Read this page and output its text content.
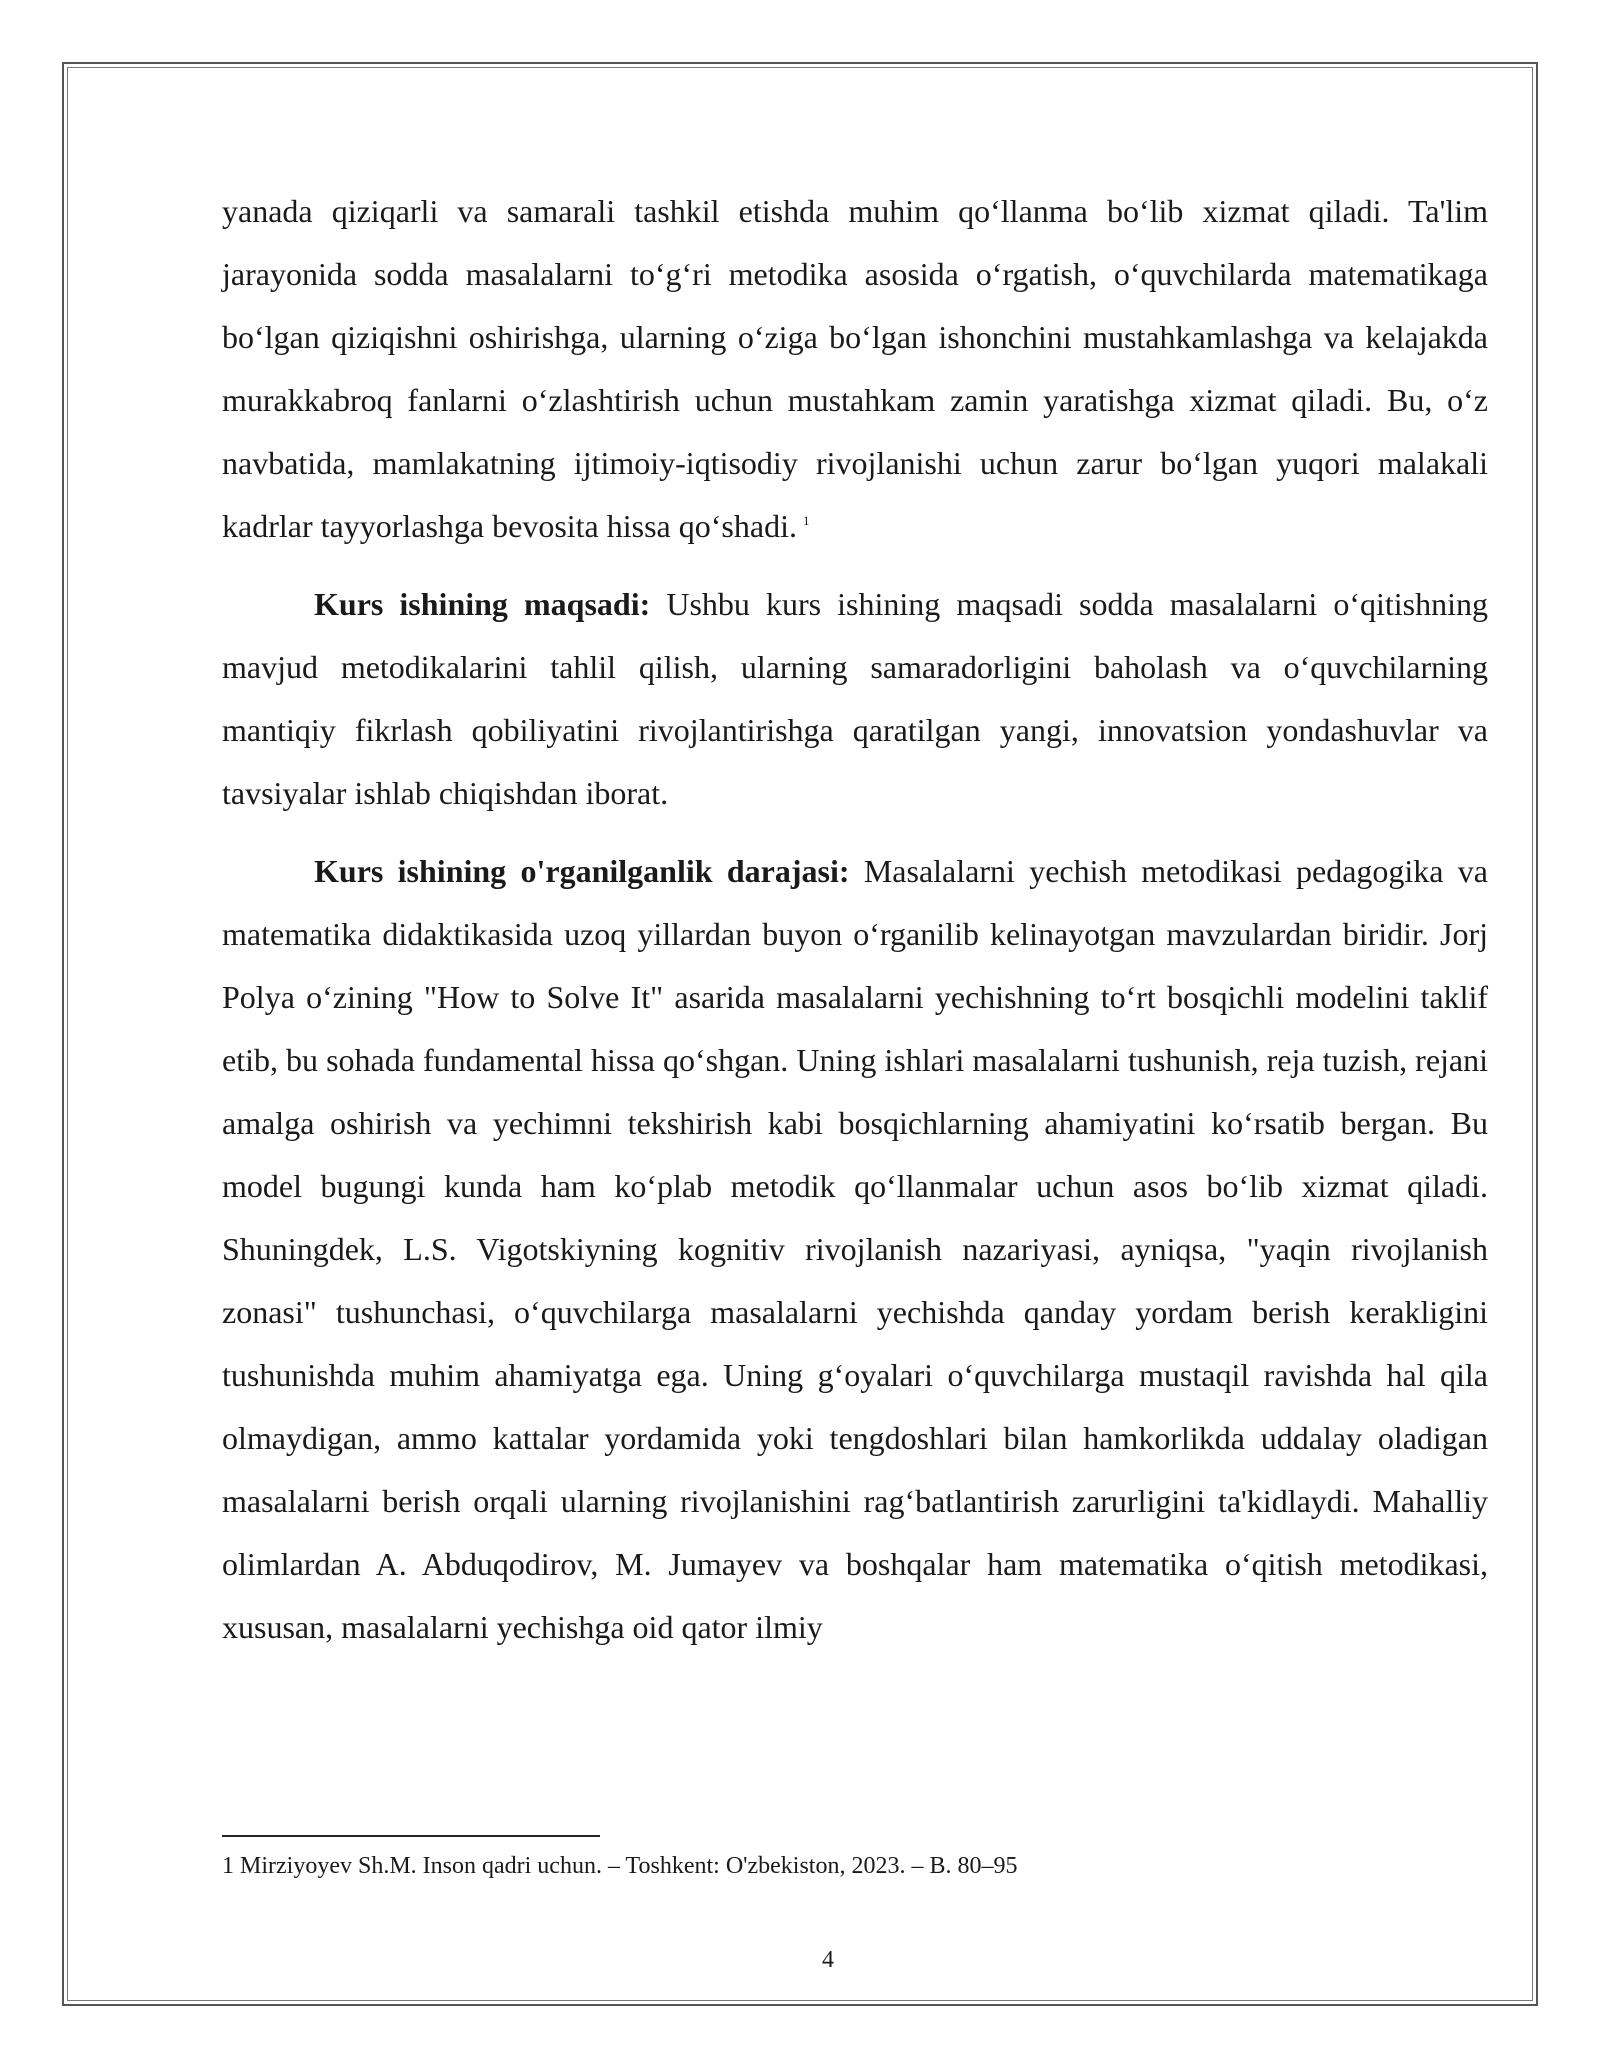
yanada qiziqarli va samarali tashkil etishda muhim qo‘llanma bo‘lib xizmat qiladi. Ta'lim jarayonida sodda masalalarni to‘g‘ri metodika asosida o‘rgatish, o‘quvchilarda matematikaga bo‘lgan qiziqishni oshirishga, ularning o‘ziga bo‘lgan ishonchini mustahkamlashga va kelajakda murakkabroq fanlarni o‘zlashtirish uchun mustahkam zamin yaratishga xizmat qiladi. Bu, o‘z navbatida, mamlakatning ijtimoiy-iqtisodiy rivojlanishi uchun zarur bo‘lgan yuqori malakali kadrlar tayyorlashga bevosita hissa qo‘shadi. $^1$

Kurs ishining maqsadi: Ushbu kurs ishining maqsadi sodda masalalarni o‘qitishning mavjud metodikalarini tahlil qilish, ularning samaradorligini baholash va o‘quvchilarning mantiqiy fikrlash qobiliyatini rivojlantirishga qaratilgan yangi, innovatsion yondashuvlar va tavsiyalar ishlab chiqishdan iborat.

Kurs ishining o'rganilganlik darajasi: Masalalarni yechish metodikasi pedagogika va matematika didaktikasida uzoq yillardan buyon o‘rganilib kelinayotgan mavzulardan biridir. Jorj Polya o‘zining "How to Solve It" asarida masalalarni yechishning to‘rt bosqichli modelini taklif etib, bu sohada fundamental hissa qo‘shgan. Uning ishlari masalalarni tushunish, reja tuzish, rejani amalga oshirish va yechimni tekshirish kabi bosqichlarning ahamiyatini ko‘rsatib bergan. Bu model bugungi kunda ham ko‘plab metodik qo‘llanmalar uchun asos bo‘lib xizmat qiladi. Shuningdek, L.S. Vigotskiyning kognitiv rivojlanish nazariyasi, ayniqsa, "yaqin rivojlanish zonasi" tushunchasi, o‘quvchilarga masalalarni yechishda qanday yordam berish kerakligini tushunishda muhim ahamiyatga ega. Uning g‘oyalari o‘quvchilarga mustaqil ravishda hal qila olmaydigan, ammo kattalar yordamida yoki tengdoshlari bilan hamkorlikda uddalay oladigan masalalarni berish orqali ularning rivojlanishini rag‘batlantirish zarurligini ta'kidlaydi. Mahalliy olimlardan A. Abduqodirov, M. Jumayev va boshqalar ham matematika o‘qitish metodikasi, xususan, masalalarni yechishga oid qator ilmiy

1 Mirziyoyev Sh.M. Inson qadri uchun. – Toshkent: O'zbekiston, 2023. – B. 80–95
4
